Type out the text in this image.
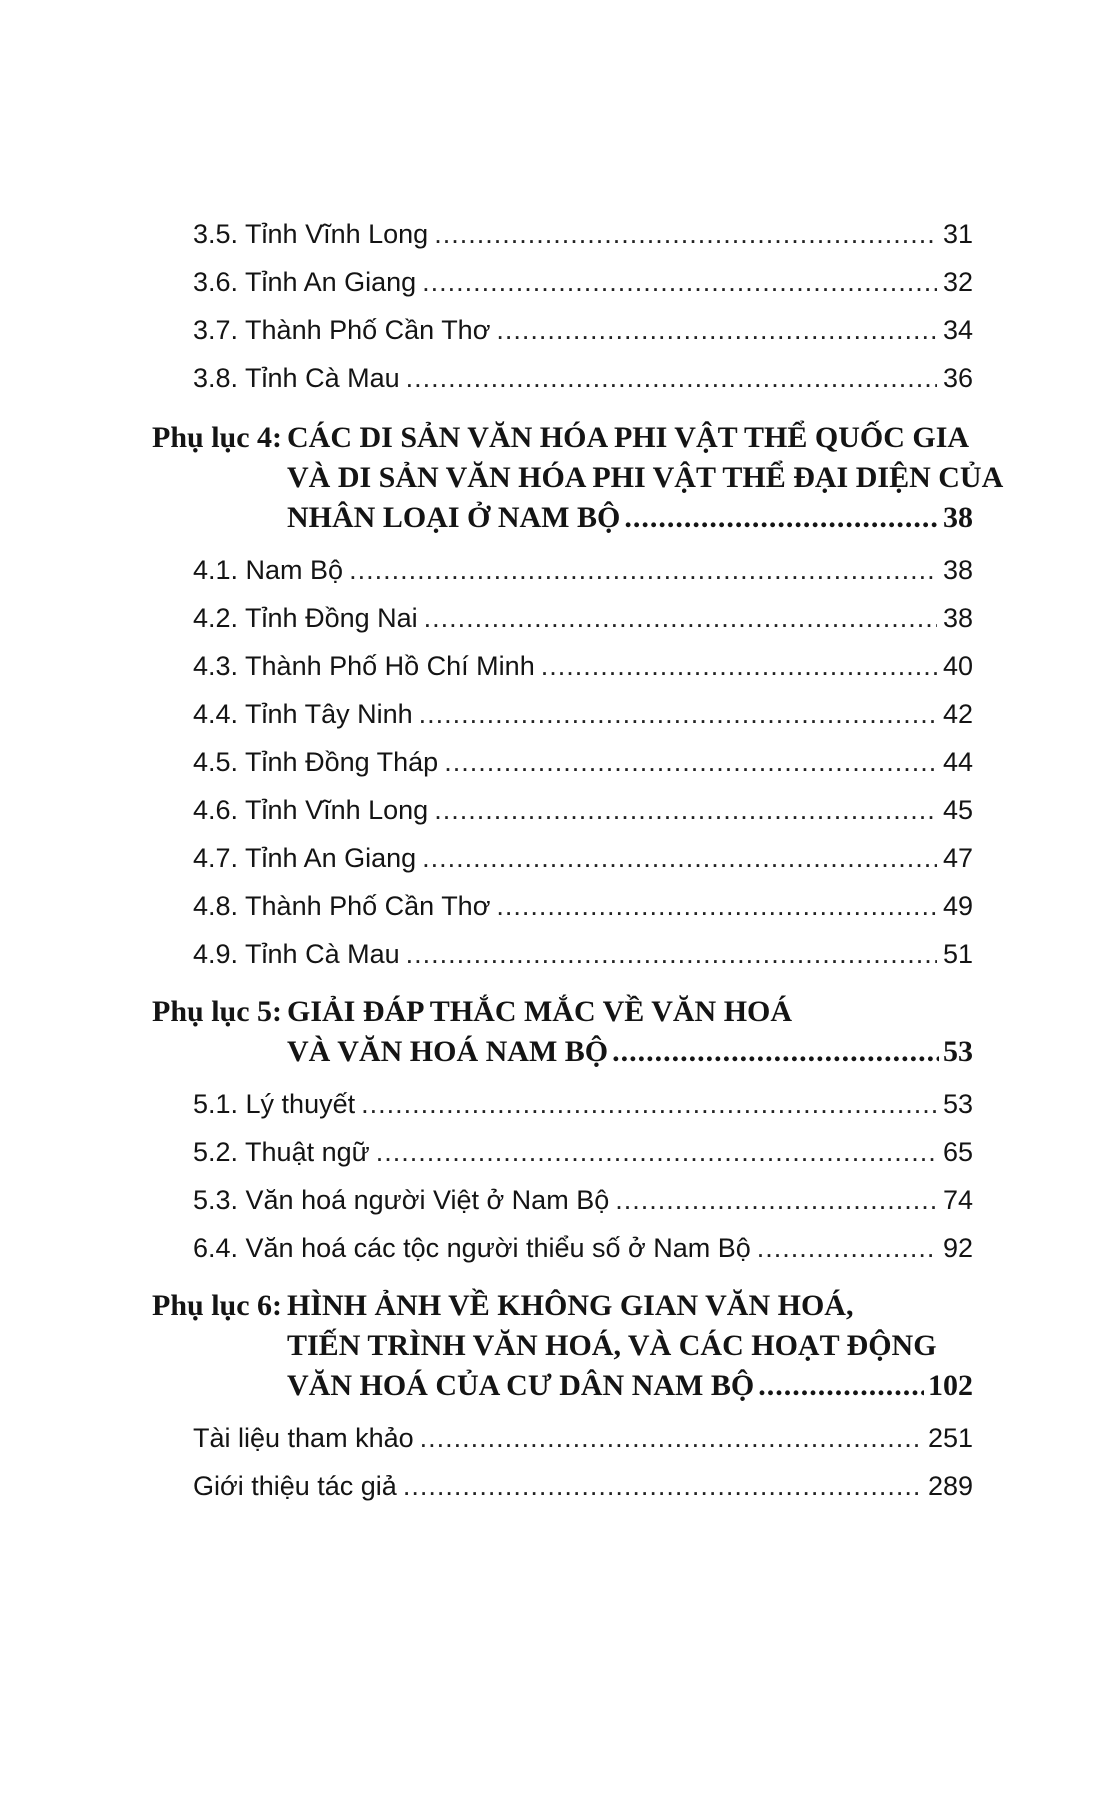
3.5. Tỉnh Vĩnh Long .....	31
3.6. Tỉnh An Giang .....	32
3.7. Thành Phố Cần Thơ .....	34
3.8. Tỉnh Cà Mau .....	36
Phụ lục 4: CÁC DI SẢN VĂN HÓA PHI VẬT THỂ QUỐC GIA
VÀ DI SẢN VĂN HÓA PHI VẬT THỂ ĐẠI DIỆN CỦA
NHÂN LOẠI Ở NAM BỘ .....	38
4.1. Nam Bộ .....	38
4.2. Tỉnh Đồng Nai .....	38
4.3. Thành Phố Hồ Chí Minh .....	40
4.4. Tỉnh Tây Ninh .....	42
4.5. Tỉnh Đồng Tháp .....	44
4.6. Tỉnh Vĩnh Long .....	45
4.7. Tỉnh An Giang .....	47
4.8. Thành Phố Cần Thơ .....	49
4.9. Tỉnh Cà Mau .....	51
Phụ lục 5: GIẢI ĐÁP THẮC MẮC VỀ VĂN HOÁ
VÀ VĂN HOÁ NAM BỘ .....	53
5.1. Lý thuyết .....	53
5.2. Thuật ngữ .....	65
5.3. Văn hoá người Việt ở Nam Bộ .....	74
6.4. Văn hoá các tộc người thiểu số ở Nam Bộ .....	92
Phụ lục 6: HÌNH ẢNH VỀ KHÔNG GIAN VĂN HOÁ,
TIẾN TRÌNH VĂN HOÁ, VÀ CÁC HOẠT ĐỘNG
VĂN HOÁ CỦA CƯ DÂN NAM BỘ .....	102
Tài liệu tham khảo .....	251
Giới thiệu tác giả .....	289
